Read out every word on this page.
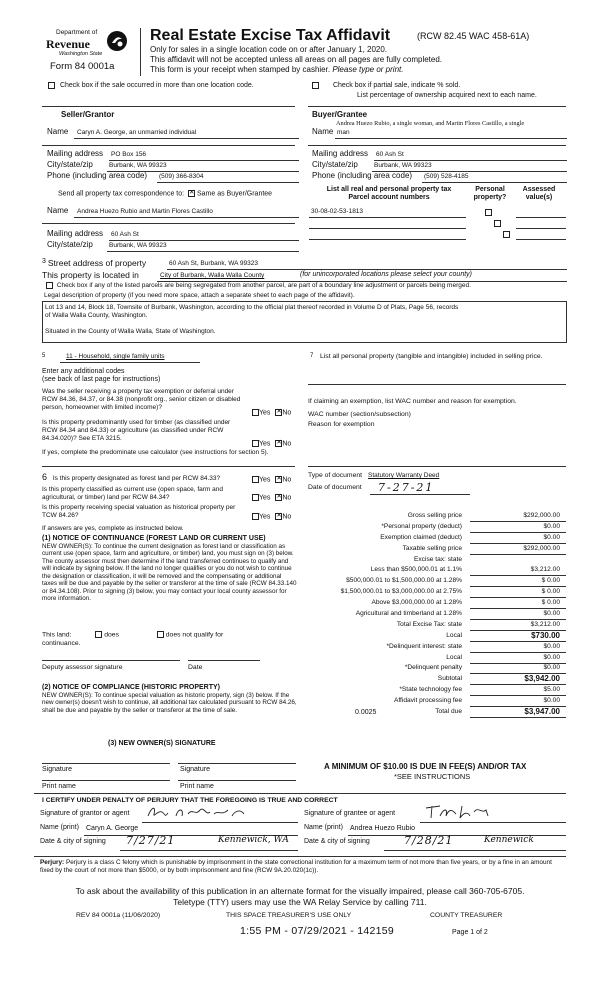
Department of
Revenue
Washington State
Form 84 0001a
Real Estate Excise Tax Affidavit	(RCW 82.45 WAC 458-61A)
Only for sales in a single location code on or after January 1, 2020.
This affidavit will not be accepted unless all areas on all pages are fully completed.
This form is your receipt when stamped by cashier. Please type or print.
Check box if the sale occurred in more than one location code.	Check box if partial sale, indicate % sold.
List percentage of ownership acquired next to each name.
Seller/Grantor
Name Caryn A. George, an unmarried individual
Mailing address PO Box 156
City/state/zip Burbank, WA 99323
Phone (including area code) (509) 366-8304
Buyer/Grantee
Andrea Huezo Rubio, a single woman, and Martin Flores Castillo, a single
Name man
Mailing address 60 Ash St
City/state/zip Burbank, WA 99323
Phone (including area code) (509) 528-4185
Send all property tax correspondence to: ✕ Same as Buyer/Grantee
Name Andrea Huezo Rubio and Martin Flores Castillo
Mailing address 60 Ash St
City/state/zip Burbank, WA 99323
List all real and personal property tax
Parcel account numbers
Personal
property?
Assessed
value(s)
30-08-02-53-1813

3 Street address of property	60 Ash St, Burbank, WA 99323
This property is located in	City of Burbank, Walla Walla County	(for unincorporated locations please select your county)
Check box if any of the listed parcels are being segregated from another parcel, are part of a boundary line adjustment or parcels being merged.
Legal description of property (if you need more space, attach a separate sheet to each page of the affidavit).
Lot 13 and 14, Block 18, Townsite of Burbank, Washington, according to the official plat thereof recorded in Volume D of Plats, Page 56, records
of Walla Walla County, Washington.
Situated in the County of Walla Walla, State of Washington.
5	11 - Household, single family units
Enter any additional codes
(see back of last page for instructions)
Was the seller receiving a property tax exemption or deferral under RCW 84.36, 84.37, or 84.38 (nonprofit org., senior citizen or disabled person, homeowner with limited income)?
Yes ✕ No
Is this property predominantly used for timber (as classified under RCW 84.34 and 84.33) or agriculture (as classified under RCW 84.34.020)? See ETA 3215.
Yes ✕ No
If yes, complete the predominate use calculator (see instructions for section 5).
6 Is this property designated as forest land per RCW 84.33?	Yes ✕ No
Is this property classified as current use (open space, farm and agricultural, or timber) land per RCW 84.34?	Yes ✕ No
Is this property receiving special valuation as historical property per TCW 84.26?	Yes ✕ No
If answers are yes, complete as instructed below.
(1) NOTICE OF CONTINUANCE (FOREST LAND OR CURRENT USE)
NEW OWNER(S): To continue the current designation as forest land or classification as current use (open space, farm and agriculture, or timber) land, you must sign on (3) below. The county assessor must then determine if the land transferred continues to qualify and will indicate by signing below. If the land no longer qualifies or you do not wish to continue the designation or classification, it will be removed and the compensating or additional taxes will be due and payable by the seller or transferor at the time of sale (RCW 84.33.140 or 84.34.108). Prior to signing (3) below, you may contact your local county assessor for more information.
This land:	does	does not qualify for
continuance.
Deputy assessor signature	Date
(2) NOTICE OF COMPLIANCE (HISTORIC PROPERTY)
NEW OWNER(S): To continue special valuation as historic property, sign (3) below. If the new owner(s) doesn't wish to continue, all additional tax calculated pursuant to RCW 84.26, shall be due and payable by the seller or transferor at the time of sale.
(3) NEW OWNER(S) SIGNATURE
Signature	Signature
Print name	Print name
7 List all personal property (tangible and intangible) included in selling price.
If claiming an exemption, list WAC number and reason for exemption.
WAC number (section/subsection)
Reason for exemption
Type of document Statutory Warranty Deed
Date of document 7-27-21
Gross selling price	$292,000.00
*Personal property (deduct)	$0.00
Exemption claimed (deduct)	$0.00
Taxable selling price	$292,000.00
Excise tax: state
Less than $500,000.01 at 1.1%	$3,212.00
$500,000.01 to $1,500,000.00 at 1.28%	$ 0.00
$1,500,000.01 to $3,000,000.00 at 2.75%	$ 0.00
Above $3,000,000.00 at 1.28%	$ 0.00
Agricultural and timberland at 1.28%	$0.00
Total Excise Tax: state	$3,212.00
Local	$730.00
*Delinquent interest: state	$0.00
Local	$0.00
*Delinquent penalty	$0.00
Subtotal	$3,942.00
*State technology fee	$5.00
Affidavit processing fee	$0.00
Total due	$3,947.00
0.0025
A MINIMUM OF $10.00 IS DUE IN FEE(S) AND/OR TAX
*SEE INSTRUCTIONS
I CERTIFY UNDER PENALTY OF PERJURY THAT THE FOREGOING IS TRUE AND CORRECT
Signature of grantor or agent
Name (print) Caryn A. George
Date & city of signing 7/27/21	Kennewick, WA
Signature of grantee or agent
Name (print) Andrea Huezo Rubio
Date & city of signing	7/28/21	Kennewick
Perjury: Perjury is a class C felony which is punishable by imprisonment in the state correctional institution for a maximum term of not more than five years, or by a fine in an amount fixed by the court of not more than $5000, or by both imprisonment and fine (RCW 9A.20.020(1c)).
To ask about the availability of this publication in an alternate format for the visually impaired, please call 360-705-6705.
Teletype (TTY) users may use the WA Relay Service by calling 711.
REV 84 0001a (11/06/2020)	THIS SPACE TREASURER'S USE ONLY	COUNTY TREASURER
1:55 PM - 07/29/2021 - 142159	Page 1 of 2
